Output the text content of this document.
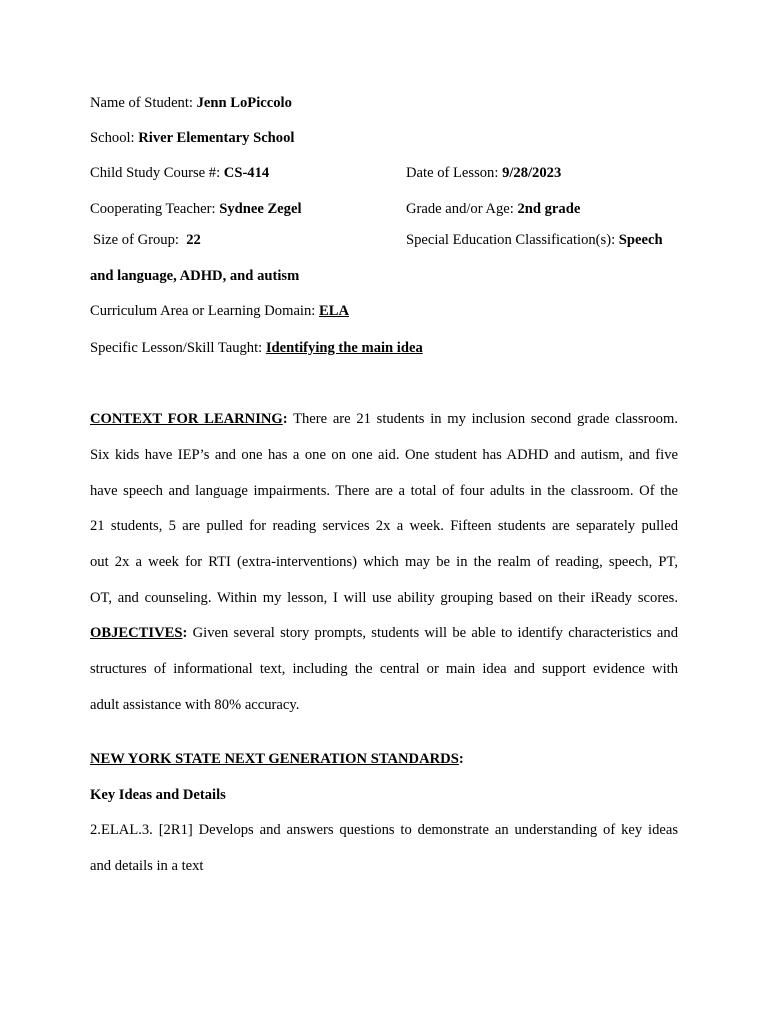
Name of Student: Jenn LoPiccolo
School: River Elementary School
Child Study Course #: CS-414	Date of Lesson: 9/28/2023
Cooperating Teacher: Sydnee Zegel	Grade and/or Age: 2nd grade
Size of Group:  22	Special Education Classification(s): Speech
and language, ADHD, and autism
Curriculum Area or Learning Domain: ELA
Specific Lesson/Skill Taught: Identifying the main idea
CONTEXT FOR LEARNING: There are 21 students in my inclusion second grade classroom.
Six kids have IEP’s and one has a one on one aid. One student has ADHD and autism, and five
have speech and language impairments. There are a total of four adults in the classroom. Of the
21 students, 5 are pulled for reading services 2x a week. Fifteen students are separately pulled
out 2x a week for RTI (extra-interventions) which may be in the realm of reading, speech, PT,
OT, and counseling. Within my lesson, I will use ability grouping based on their iReady scores.
OBJECTIVES: Given several story prompts, students will be able to identify characteristics and
structures of informational text, including the central or main idea and support evidence with
adult assistance with 80% accuracy.
NEW YORK STATE NEXT GENERATION STANDARDS:
Key Ideas and Details
2.ELAL.3. [2R1] Develops and answers questions to demonstrate an understanding of key ideas
and details in a text
